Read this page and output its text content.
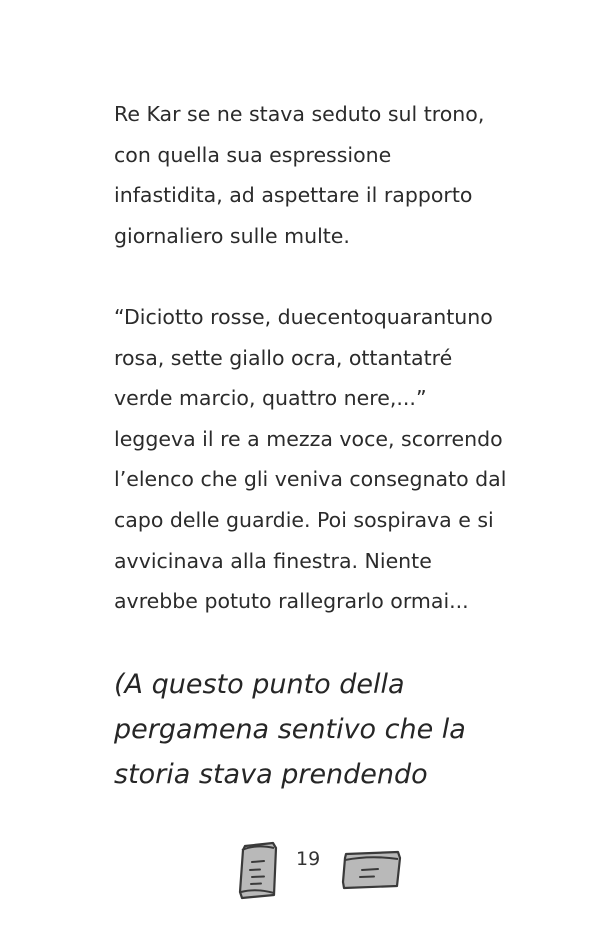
Re Kar se ne stava seduto sul trono,
con quella sua espressione
infastidita, ad aspettare il rapporto
giornaliero sulle multe.

“Diciotto rosse, duecentoquarantuno
rosa, sette giallo ocra, ottantatré
verde marcio, quattro nere,...”
leggeva il re a mezza voce, scorrendo
l’elenco che gli veniva consegnato dal
capo delle guardie. Poi sospirava e si
avvicinava alla finestra. Niente
avrebbe potuto rallegrarlo ormai...

(A questo punto della
pergamena sentivo che la
storia stava prendendo

19
